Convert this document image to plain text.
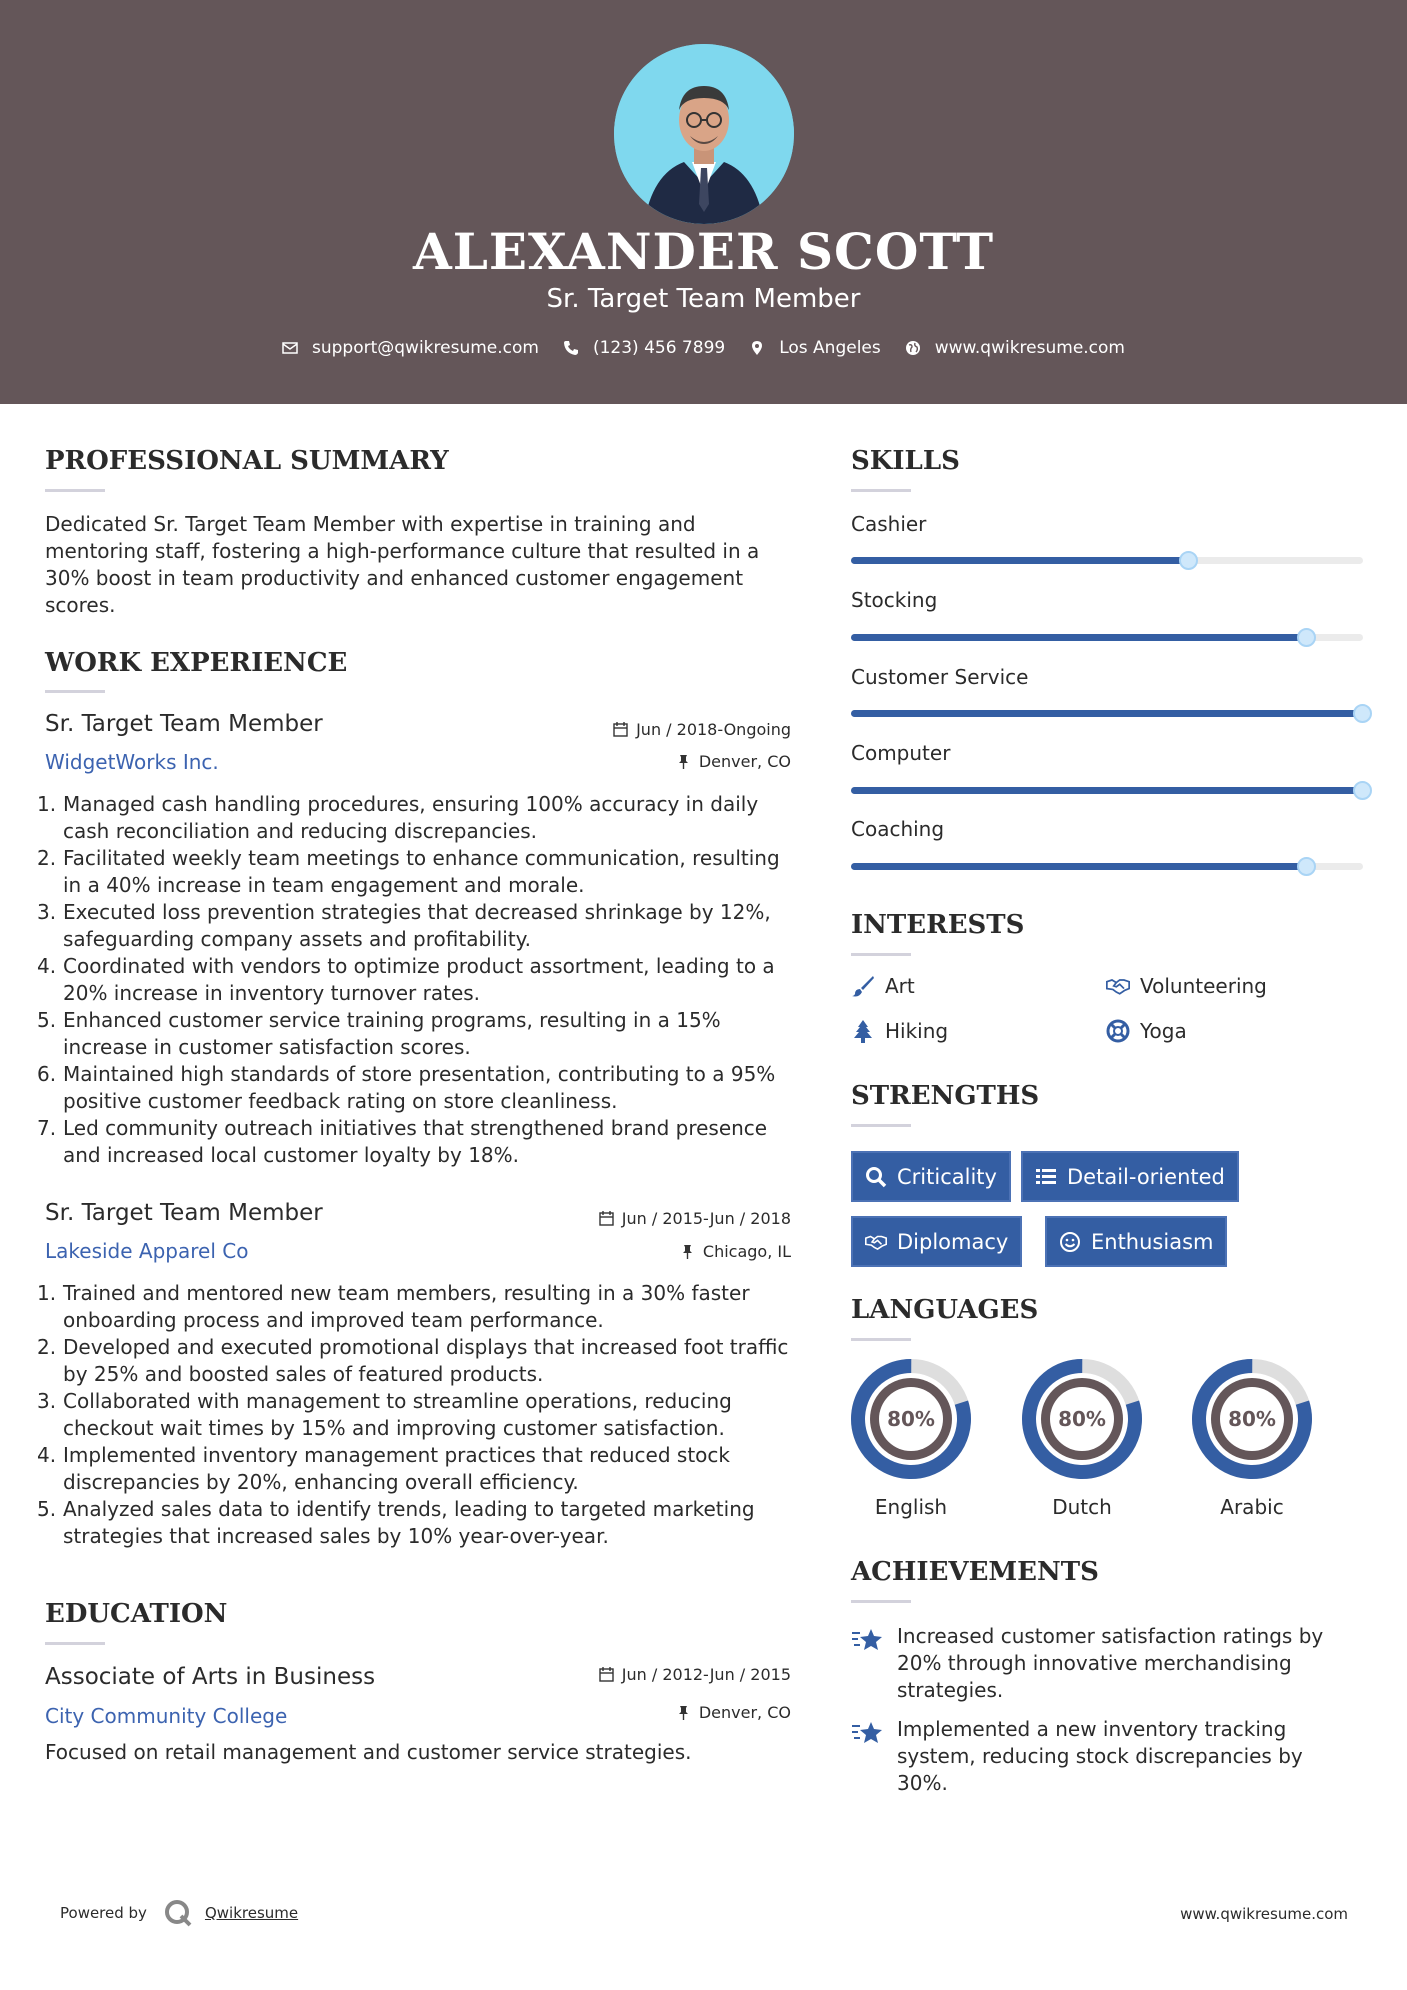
ALEXANDER SCOTT
Sr. Target Team Member
support@qwikresume.com	(123) 456 7899	Los Angeles	www.qwikresume.com
PROFESSIONAL SUMMARY
Dedicated Sr. Target Team Member with expertise in training and mentoring staff, fostering a high-performance culture that resulted in a 30% boost in team productivity and enhanced customer engagement scores.
WORK EXPERIENCE
Sr. Target Team Member	Jun / 2018-Ongoing
WidgetWorks Inc.	Denver, CO
Managed cash handling procedures, ensuring 100% accuracy in daily cash reconciliation and reducing discrepancies.
Facilitated weekly team meetings to enhance communication, resulting in a 40% increase in team engagement and morale.
Executed loss prevention strategies that decreased shrinkage by 12%, safeguarding company assets and profitability.
Coordinated with vendors to optimize product assortment, leading to a 20% increase in inventory turnover rates.
Enhanced customer service training programs, resulting in a 15% increase in customer satisfaction scores.
Maintained high standards of store presentation, contributing to a 95% positive customer feedback rating on store cleanliness.
Led community outreach initiatives that strengthened brand presence and increased local customer loyalty by 18%.
Sr. Target Team Member	Jun / 2015-Jun / 2018
Lakeside Apparel Co	Chicago, IL
Trained and mentored new team members, resulting in a 30% faster onboarding process and improved team performance.
Developed and executed promotional displays that increased foot traffic by 25% and boosted sales of featured products.
Collaborated with management to streamline operations, reducing checkout wait times by 15% and improving customer satisfaction.
Implemented inventory management practices that reduced stock discrepancies by 20%, enhancing overall efficiency.
Analyzed sales data to identify trends, leading to targeted marketing strategies that increased sales by 10% year-over-year.
EDUCATION
Associate of Arts in Business	Jun / 2012-Jun / 2015
City Community College	Denver, CO
Focused on retail management and customer service strategies.
SKILLS
Cashier
Stocking
Customer Service
Computer
Coaching
INTERESTS
Art	Volunteering
Hiking	Yoga
STRENGTHS
Criticality	Detail-oriented
Diplomacy	Enthusiasm
LANGUAGES
80%	80%	80%
English	Dutch	Arabic
ACHIEVEMENTS
Increased customer satisfaction ratings by 20% through innovative merchandising strategies.
Implemented a new inventory tracking system, reducing stock discrepancies by 30%.
Powered by	Qwikresume	www.qwikresume.com
